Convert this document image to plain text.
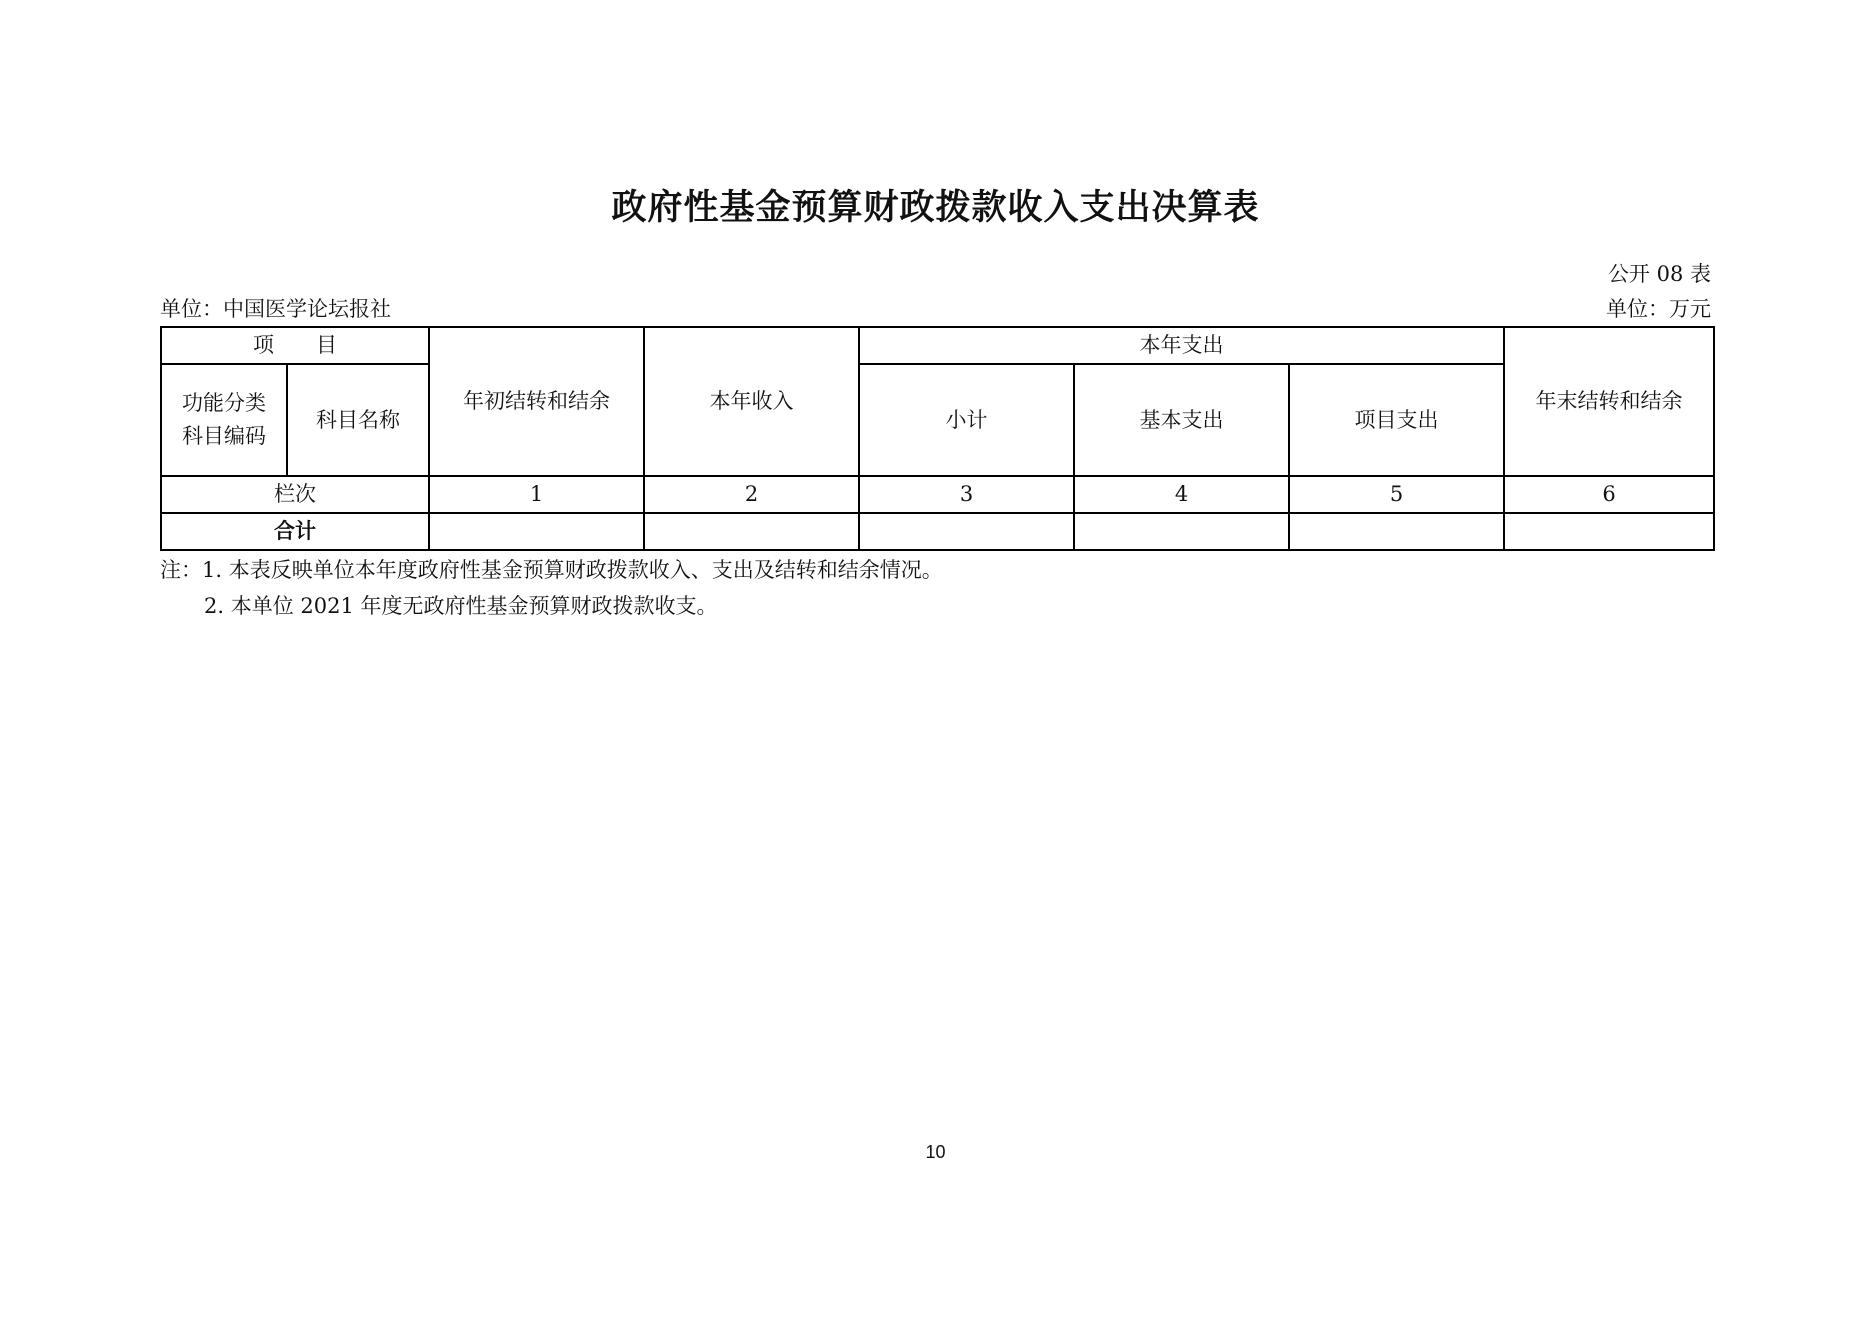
政府性基金预算财政拨款收入支出决算表
公开 08 表
单位：中国医学论坛报社	单位：万元
项　　目		年初结转和结余	本年收入	本年支出			年末结转和结余

功能分类
科目编码	科目名称			小计	基本支出	项目支出	
栏次		1	2	3	4	5	6
合计							
注：1. 本表反映单位本年度政府性基金预算财政拨款收入、支出及结转和结余情况。
2. 本单位 2021 年度无政府性基金预算财政拨款收支。
10
